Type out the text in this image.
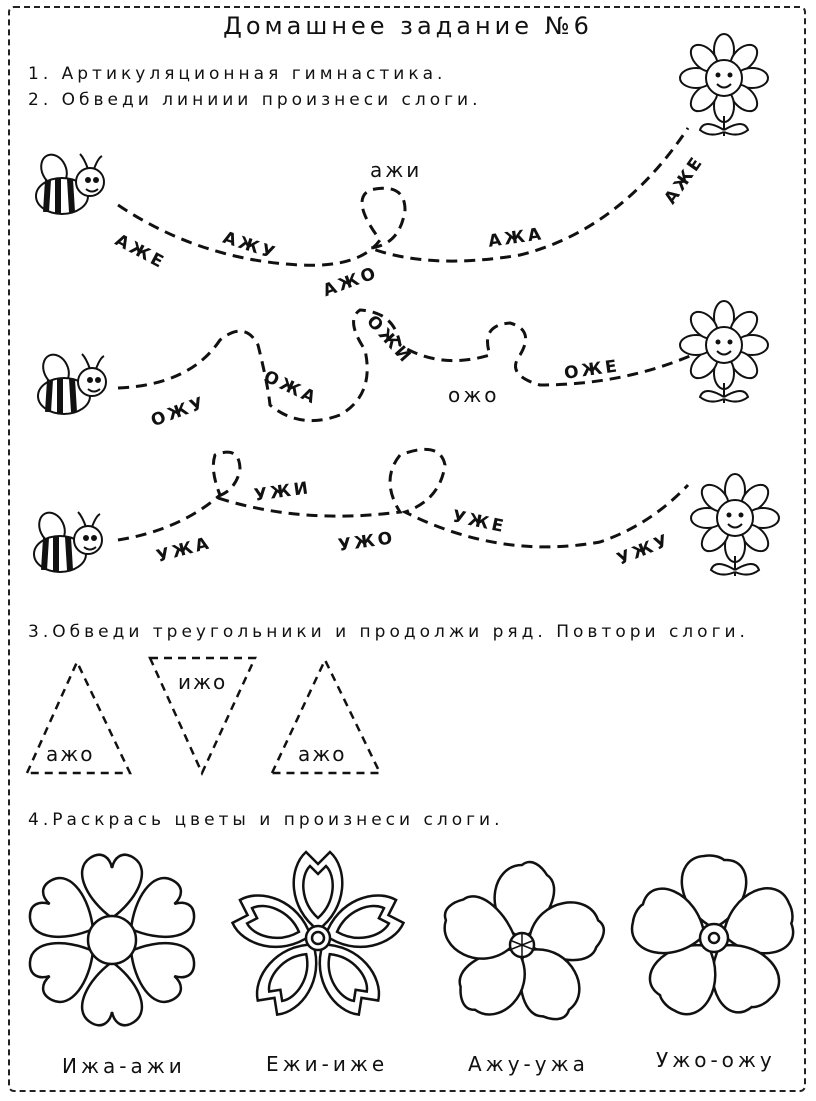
Домашнее задание №6
1. Артикуляционная гимнастика.
2. Обведи линиии произнеси слоги.
3.Обведи треугольники и продолжи ряд. Повтори слоги.
4.Раскрась цветы и произнеси слоги.
АЖЕ	АЖУ
ажи
АЖО
АЖА
АЖЕ
ОЖУ
ОЖА
ОЖИ
ожо
ОЖЕ
УЖА
УЖИ
УЖО
УЖЕ
УЖУ
ажо
ижо
ажо
Ижа-ажи	Ежи-иже	Ажу-ужа	Ужо-ожу
